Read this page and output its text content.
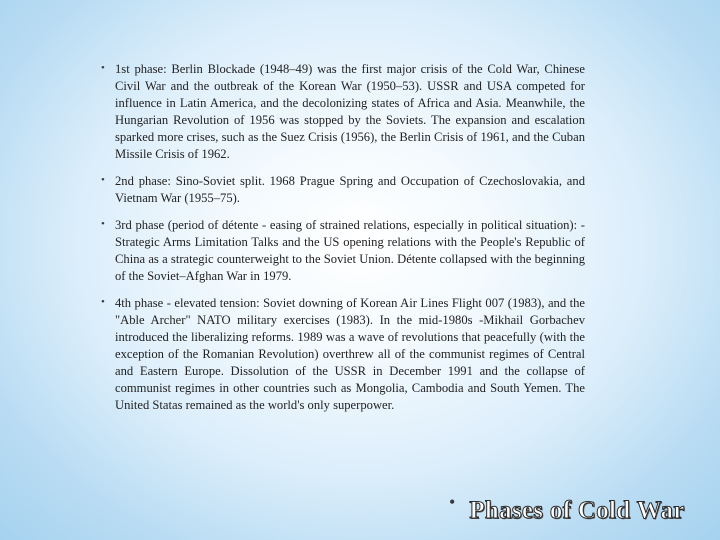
• 1st phase: Berlin Blockade (1948–49) was the first major crisis of the Cold War, Chinese Civil War and the outbreak of the Korean War (1950–53). USSR and USA competed for influence in Latin America, and the decolonizing states of Africa and Asia. Meanwhile, the Hungarian Revolution of 1956 was stopped by the Soviets. The expansion and escalation sparked more crises, such as the Suez Crisis (1956), the Berlin Crisis of 1961, and the Cuban Missile Crisis of 1962.
• 2nd phase: Sino-Soviet split. 1968 Prague Spring and Occupation of Czechoslovakia, and Vietnam War (1955–75).
• 3rd phase (period of détente - easing of strained relations, especially in political situation): - Strategic Arms Limitation Talks and the US opening relations with the People's Republic of China as a strategic counterweight to the Soviet Union. Détente collapsed with the beginning of the Soviet–Afghan War in 1979.
• 4th phase - elevated tension: Soviet downing of Korean Air Lines Flight 007 (1983), and the "Able Archer" NATO military exercises (1983). In the mid-1980s -Mikhail Gorbachev introduced the liberalizing reforms. 1989 was a wave of revolutions that peacefully (with the exception of the Romanian Revolution) overthrew all of the communist regimes of Central and Eastern Europe. Dissolution of the USSR in December 1991 and the collapse of communist regimes in other countries such as Mongolia, Cambodia and South Yemen. The United Statas remained as the world's only superpower.
• Phases of Cold War
